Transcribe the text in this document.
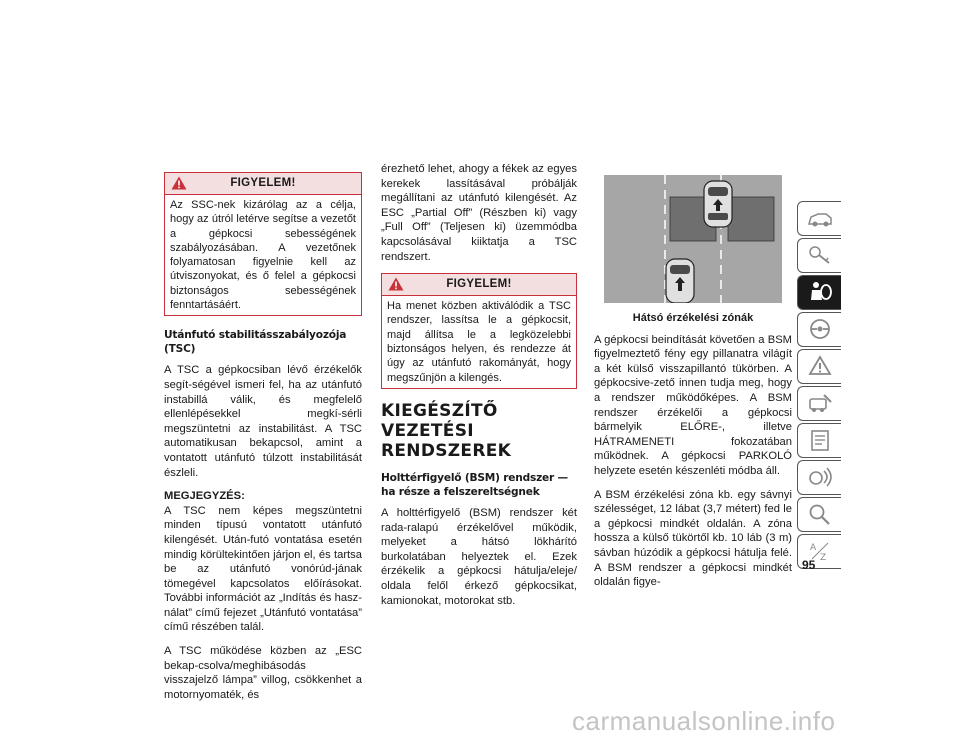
FIGYELEM!
Az SSC-nek kizárólag az a célja, hogy az útról letérve segítse a vezetőt a gépkocsi sebességének szabályozásában. A vezetőnek folyamatosan figyelnie kell az útviszonyokat, és ő felel a gépkocsi biztonságos sebességének fenntartásáért.
Utánfutó stabilitásszabályozója (TSC)

A TSC a gépkocsiban lévő érzékelők segít-ségével ismeri fel, ha az utánfutó instabillá válik, és megfelelő ellenlépésekkel megkí-sérli megszüntetni az instabilitást. A TSC automatikusan bekapcsol, amint a vontatott utánfutó túlzott instabilitását észleli.

MEGJEGYZÉS:
A TSC nem képes megszüntetni minden típusú vontatott utánfutó kilengését. Után-futó vontatása esetén mindig körültekintően járjon el, és tartsa be az utánfutó vonórúd-jának tömegével kapcsolatos előírásokat. További információt az „Indítás és hasz-nálat” című fejezet „Utánfutó vontatása” című részében talál.

A TSC működése közben az „ESC bekap-csolva/meghibásodás visszajelző lámpa” villog, csökkenhet a motornyomaték, és

érezhető lehet, ahogy a fékek az egyes kerekek lassításával próbálják megállítani az utánfutó kilengését. Az ESC „Partial Off” (Részben ki) vagy „Full Off” (Teljesen ki) üzemmódba kapcsolásával kiiktatja a TSC rendszert.

FIGYELEM!
Ha menet közben aktiválódik a TSC rendszer, lassítsa le a gépkocsit, majd állítsa le a legközelebbi biztonságos helyen, és rendezze át úgy az utánfutó rakományát, hogy megszűnjön a kilengés.
KIEGÉSZÍTŐ VEZETÉSI RENDSZEREK
Holttérfigyelő (BSM) rendszer — ha része a felszereltségnek

A holttérfigyelő (BSM) rendszer két rada-ralapú érzékelővel működik, melyeket a hátsó lökhárító burkolatában helyeztek el. Ezek érzékelik a gépkocsi hátulja/eleje/ oldala felől érkező gépkocsikat, kamionokat, motorokat stb.

Hátsó érzékelési zónák

A gépkocsi beindítását követően a BSM figyelmeztető fény egy pillanatra világít a két külső visszapillantó tükörben. A gépkocsive-zető innen tudja meg, hogy a rendszer működőképes. A BSM rendszer érzékelői a gépkocsi bármelyik ELŐRE-, illetve HÁTRAMENETI fokozatában működnek. A gépkocsi PARKOLÓ helyzete esetén készenléti módba áll.

A BSM érzékelési zóna kb. egy sávnyi szélességet, 12 lábat (3,7 métert) fed le a gépkocsi mindkét oldalán. A zóna hossza a külső tükörtől kb. 10 láb (3 m) sávban húzódik a gépkocsi hátulja felé. A BSM rendszer a gépkocsi mindkét oldalán figye-

A
Z
95
carmanualsonline.info
